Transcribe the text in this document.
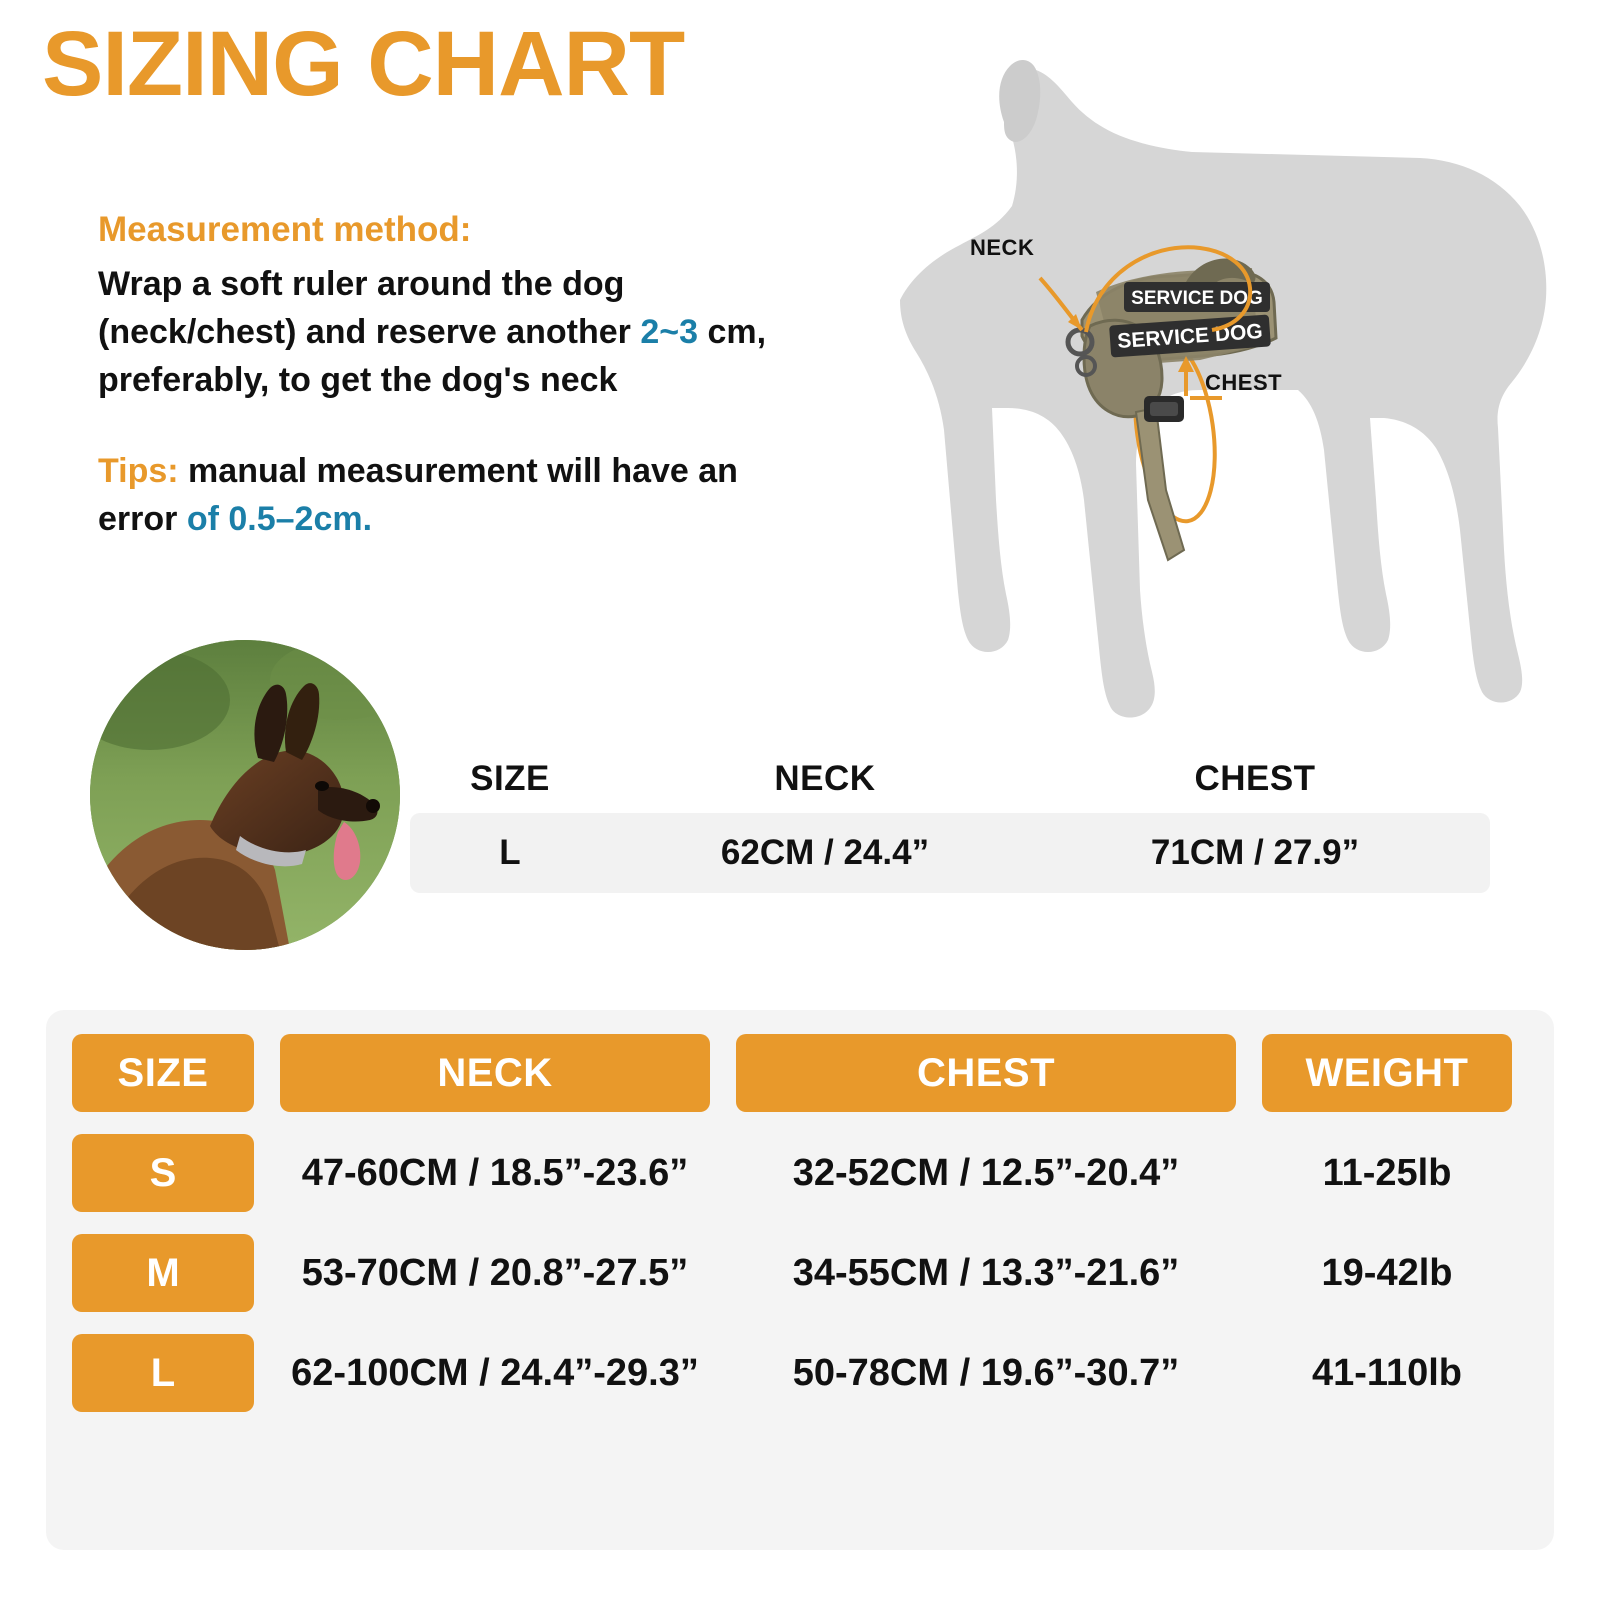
SIZING CHART

Measurement method:

Wrap a soft ruler around the dog (neck/chest) and reserve another 2~3 cm, preferably, to get the dog's neck

Tips: manual measurement will have an error of 0.5–2cm.
SERVICE DOG
SERVICE DOG
NECK
CHEST
SIZE	NECK	CHEST
L	62CM / 24.4”	71CM / 27.9”
SIZE	NECK	CHEST	WEIGHT
S	47-60CM / 18.5”-23.6”	32-52CM / 12.5”-20.4”	11-25lb
M	53-70CM / 20.8”-27.5”	34-55CM / 13.3”-21.6”	19-42lb
L	62-100CM / 24.4”-29.3”	50-78CM / 19.6”-30.7”	41-110lb
